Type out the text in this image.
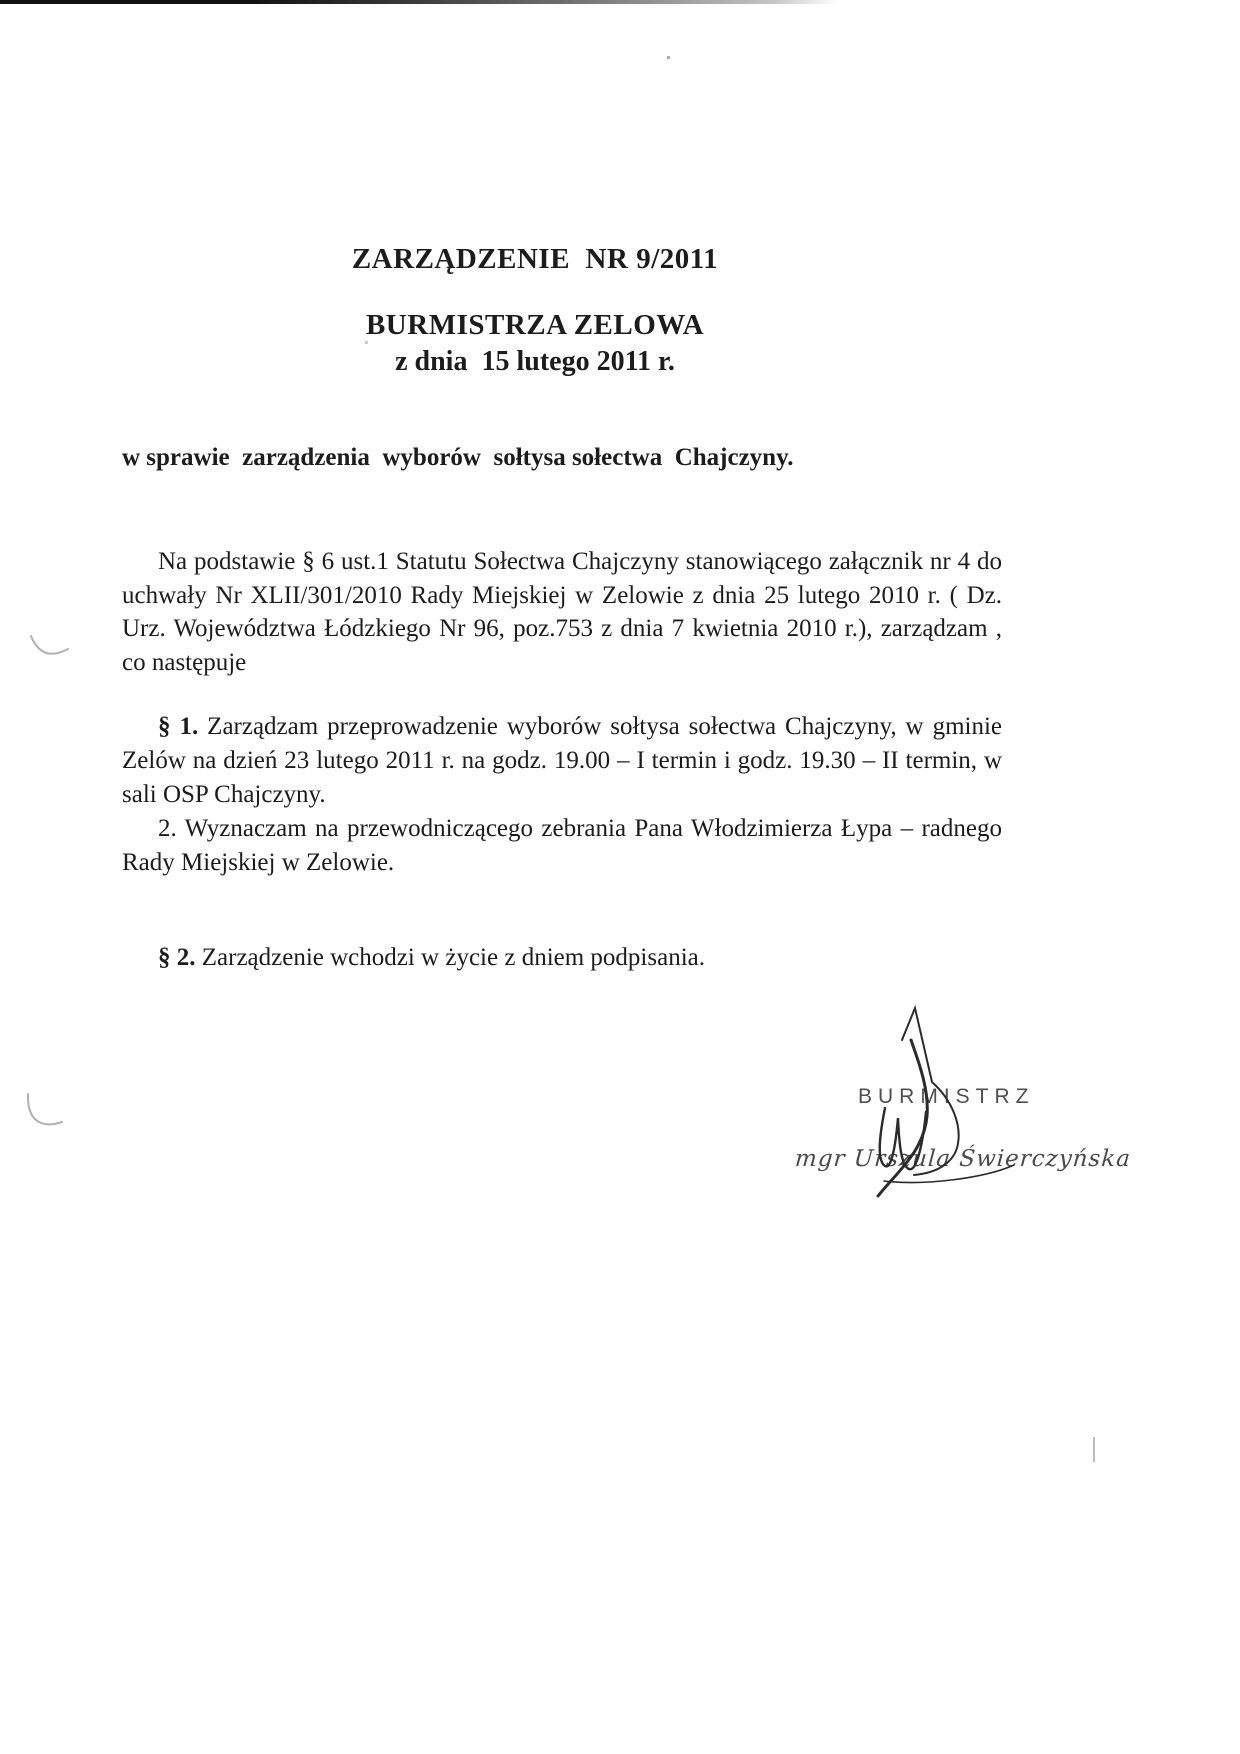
ZARZĄDZENIE  NR 9/2011
BURMISTRZA ZELOWA
z dnia  15 lutego 2011 r.
w sprawie  zarządzenia  wyborów  sołtysa sołectwa  Chajczyny.

Na podstawie § 6 ust.1 Statutu Sołectwa Chajczyny stanowiącego załącznik nr 4 do uchwały Nr XLII/301/2010 Rady Miejskiej w Zelowie z dnia 25 lutego 2010 r. ( Dz. Urz. Województwa Łódzkiego Nr 96, poz.753 z dnia 7 kwietnia 2010 r.), zarządzam , co następuje

§ 1. Zarządzam przeprowadzenie wyborów sołtysa sołectwa Chajczyny, w gminie Zelów na dzień 23 lutego 2011 r. na godz. 19.00 – I termin i godz. 19.30 – II termin, w sali OSP Chajczyny.

2. Wyznaczam na przewodniczącego zebrania Pana Włodzimierza Łypa – radnego Rady Miejskiej w Zelowie.

§ 2. Zarządzenie wchodzi w życie z dniem podpisania.

BURMISTRZ
mgr Urszula Świerczyńska
